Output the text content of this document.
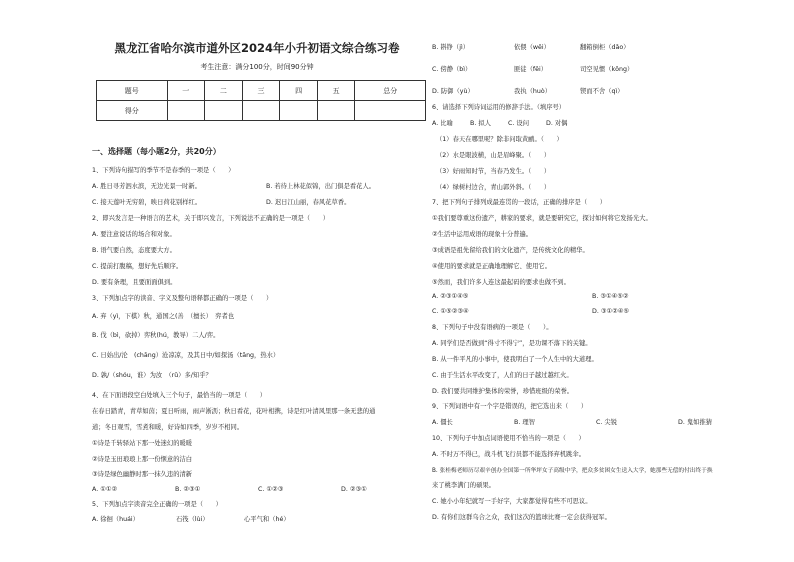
黑龙江省哈尔滨市道外区2024年小升初语文综合练习卷
考生注意：满分100分，时间90分钟
题号	一	二	三	四	五	总分
得分						
一、选择题（每小题2分，共20分）
1、下列诗句描写的季节不是春季的一项是（　　）
A. 胜日寻芳泗水滨，无边光景一时新。	B. 若待上林花似锦，出门俱是看花人。
C. 接天莲叶无穷碧，映日荷花别样红。	D. 迟日江山丽，春风花草香。
2、即兴发言是一种语言的艺术，关于即兴发言，下列说法不正确的是一项是（　　）
A. 要注意说话的场合和对象。
B. 语气要自然，态度要大方。
C. 提前打腹稿，想好先后顺序。
D. 要有条理，且要面面俱到。
3、下列加点字的读音、字义及整句语释都正确的一项是（　　）
A. 弃（yì，下棋）秋，通国之(善　（擅长）　弈者也
B. 伐（bì，砍掉）弈秋(hú，教导）二人/弈。
C. 日始出/沦　(chāng）沧凉凉，及其日中/如探汤（tāng，热水）
D. 孰/（shóu，谁）为汝　（rǔ）多/知乎？
4、在下面语段空白处填入三个句子，最恰当的一项是（　　）
在春日踏青，青草如茵；夏日听雨，雨声淅沥；秋日看花，花叶相携，诗是红叶清风里那一条无悲的通
道；冬日观雪，雪煮和暖，好诗如四季，岁岁不相同。
①诗是千转驿站下那一处迷幻的暖暖
②诗是玉田琅琅上那一份惬意的洁白
③诗是绿色幽静时那一抹久违的清新
A. ①①②	B. ②③①	C. ①②③	D. ②③①
5、下列加点字读音完全正确的一项是（　　）
A. 徐徊（huái）	石筏（lùi）	心平气和（hé）
B. 斟铮（jì）	依偎（wěi）	翻箱倒柜（dǎo）
C. 傍静（bì）	匪徒（fěi）	司空见惯（kōng）
D. 防御（yù）	我执（huò）	锲而不舍（qì）
6、请选择下列诗词运用的修辞手法。（填序号）
A. 比喻	B. 拟人	C. 设问	D. 对偶
（1）春天在哪里呢？除非问取黄鹂。（　　）
（2）水是眼波横，山是眉峰聚。（　　）
（3）好雨知时节，当春乃发生。（　　）
（4）绿树村边合，青山郭外斜。（　　）
7、把下列句子排列成最连贯的一段话，正确的排序是（　　）
①我们要尊重这份遗产，耕家的要求，就是要研究它，探讨如何将它发扬光大。
②生活中运用成语的现象十分普遍。
③成语是祖先留给我们的文化遗产，是传统文化的精华。
④使用的要求就是正确地理解它、使用它。
⑤然而，我们许多人连这最起码的要求也做不到。
A. ②③①④⑤	B. ③①④⑤②
C. ①⑤②③④	D. ③①②④⑤
8、下列句子中没有语病的一项是（　　）。
A. 同学们是否做到“得寸不得宁”，是功课不落下的关键。
B. 从一件平凡的小事中，使我明白了一个人生中的大道理。
C. 由于生活水平改变了，人们的日子越过越红火。
D. 我们要共同维护集体的荣誉，珍惜班级的荣誉。
9、下列词语中有一个字是错误的，把它选出来（　　）
A. 僵长	B. 理智	C. 尖锐	D. 鬼如推猜
10、下列句子中加点词语使用不恰当的一项是（　　）
A. 不时万不得已，战斗机飞行员都不能选择弃机跳伞。
B. 张桂梅老师历尽艰辛创办全国第一所华坪女子高级中学，把众多贫困女生送入大学，她那些无偿的付出终于换
来了桃李满门的硕果。
C. 她小小年纪就写一手好字，大家都觉得有些不可思议。
D. 有你们这群乌合之众，我们这次的篮球比赛一定会获得冠军。
